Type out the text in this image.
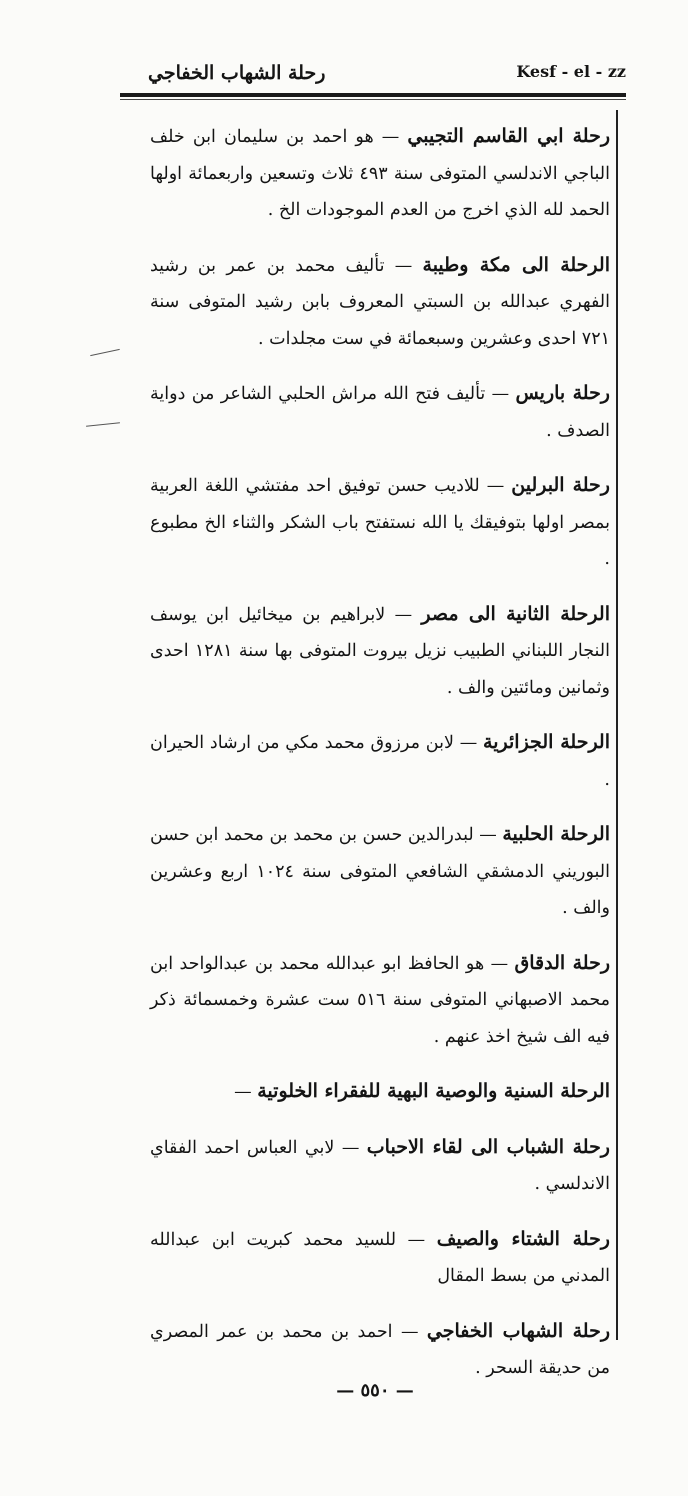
رحلة الشهاب الخفاجي	Kesf - el - zz

رحلة ابي القاسم التجيبي — هو احمد بن سليمان ابن خلف الباجي الاندلسي المتوفى سنة ٤٩٣ ثلاث وتسعين واربعمائة اولها الحمد لله الذي اخرج من العدم الموجودات الخ .

الرحلة الى مكة وطيبة — تأليف محمد بن عمر بن رشيد الفهري عبدالله بن السبتي المعروف بابن رشيد المتوفى سنة ٧٢١ احدى وعشرين وسبعمائة في ست مجلدات .

رحلة باريس — تأليف فتح الله مراش الحلبي الشاعر من دواية الصدف .

رحلة البرلين — للاديب حسن توفيق احد مفتشي اللغة العربية بمصر اولها بتوفيقك يا الله نستفتح باب الشكر والثناء الخ مطبوع .

الرحلة الثانية الى مصر — لابراهيم بن ميخائيل ابن يوسف النجار اللبناني الطبيب نزيل بيروت المتوفى بها سنة ١٢٨١ احدى وثمانين ومائتين والف .

الرحلة الجزائرية — لابن مرزوق محمد مكي من ارشاد الحيران .

الرحلة الحلبية — لبدرالدين حسن بن محمد بن محمد ابن حسن البوريني الدمشقي الشافعي المتوفى سنة ١٠٢٤ اربع وعشرين والف .

رحلة الدقاق — هو الحافظ ابو عبدالله محمد بن عبدالواحد ابن محمد الاصبهاني المتوفى سنة ٥١٦ ست عشرة وخمسمائة ذكر فيه الف شيخ اخذ عنهم .

الرحلة السنية والوصية البهية للفقراء الخلوتية —

رحلة الشباب الى لقاء الاحباب — لابي العباس احمد الفقاي الاندلسي .

رحلة الشتاء والصيف — للسيد محمد كبريت ابن عبدالله المدني من بسط المقال

رحلة الشهاب الخفاجي — احمد بن محمد بن عمر المصري من حديقة السحر .

— ٥٥٠ —
